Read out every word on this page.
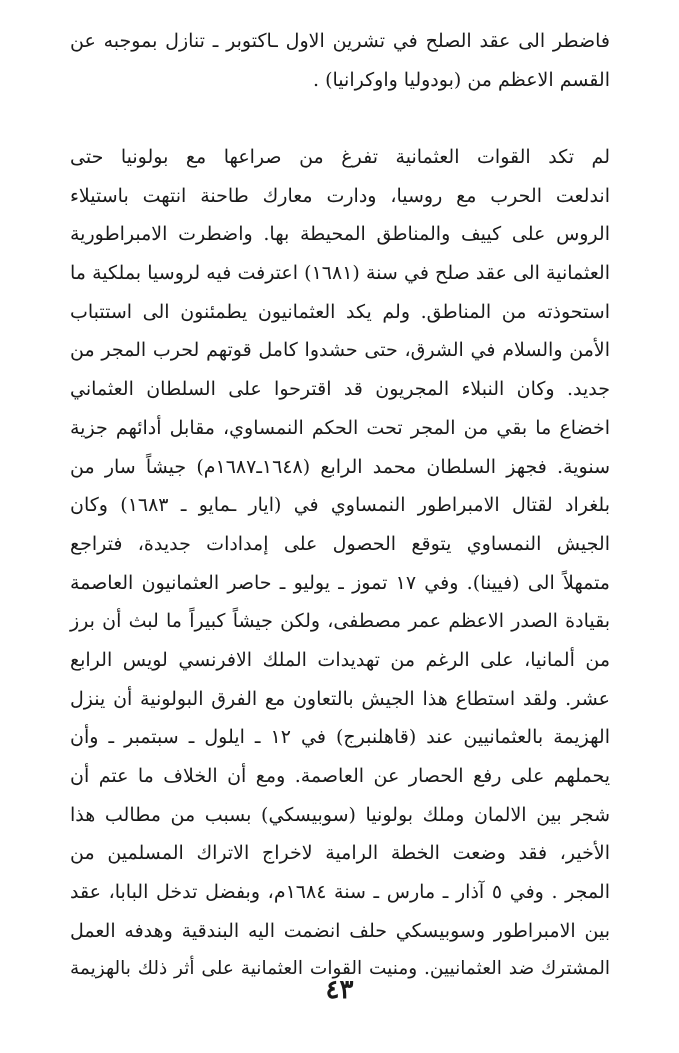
فاضطر الى عقد الصلح في تشرين الاول ـاكتوبر ـ تنازل بموجبه عن
القسم الاعظم من (بودوليا واوكرانيا) .
لم تكد القوات العثمانية تفرغ من صراعها مع بولونيا حتى
اندلعت الحرب مع روسيا، ودارت معارك طاحنة انتهت باستيلاء
الروس على كييف والمناطق المحيطة بها. واضطرت الامبراطورية
العثمانية الى عقد صلح في سنة (١٦٨١) اعترفت فيه لروسيا بملكية ما
استحوذته من المناطق. ولم يكد العثمانيون يطمئنون الى استتباب
الأمن والسلام في الشرق، حتى حشدوا كامل قوتهم لحرب المجر من
جديد. وكان النبلاء المجريون قد اقترحوا على السلطان العثماني
اخضاع ما بقي من المجر تحت الحكم النمساوي، مقابل أدائهم جزية
سنوية. فجهز السلطان محمد الرابع (١٦٤٨ـ١٦٨٧م) جيشاً سار من
بلغراد لقتال الامبراطور النمساوي في (ايار ـمايو ـ ١٦٨٣) وكان
الجيش النمساوي يتوقع الحصول على إمدادات جديدة، فتراجع
متمهلاً الى (فيينا). وفي ١٧ تموز ـ يوليو ـ حاصر العثمانيون العاصمة
بقيادة الصدر الاعظم عمر مصطفى، ولكن جيشاً كبيراً ما لبث أن برز
من ألمانيا، على الرغم من تهديدات الملك الافرنسي لويس الرابع
عشر. ولقد استطاع هذا الجيش بالتعاون مع الفرق البولونية أن ينزل
الهزيمة بالعثمانيين عند (قاهلنبرج) في ١٢ ـ ايلول ـ سبتمبر ـ وأن
يحملهم على رفع الحصار عن العاصمة. ومع أن الخلاف ما عتم أن
شجر بين الالمان وملك بولونيا (سوبيسكي) بسبب من مطالب هذا
الأخير، فقد وضعت الخطة الرامية لاخراج الاتراك المسلمين من
المجر . وفي ٥ آذار ـ مارس ـ سنة ١٦٨٤م، وبفضل تدخل البابا، عقد
بين الامبراطور وسوبيسكي حلف انضمت اليه البندقية وهدفه العمل
المشترك ضد العثمانيين. ومنيت القوات العثمانية على أثر ذلك بالهزيمة
٤٣
